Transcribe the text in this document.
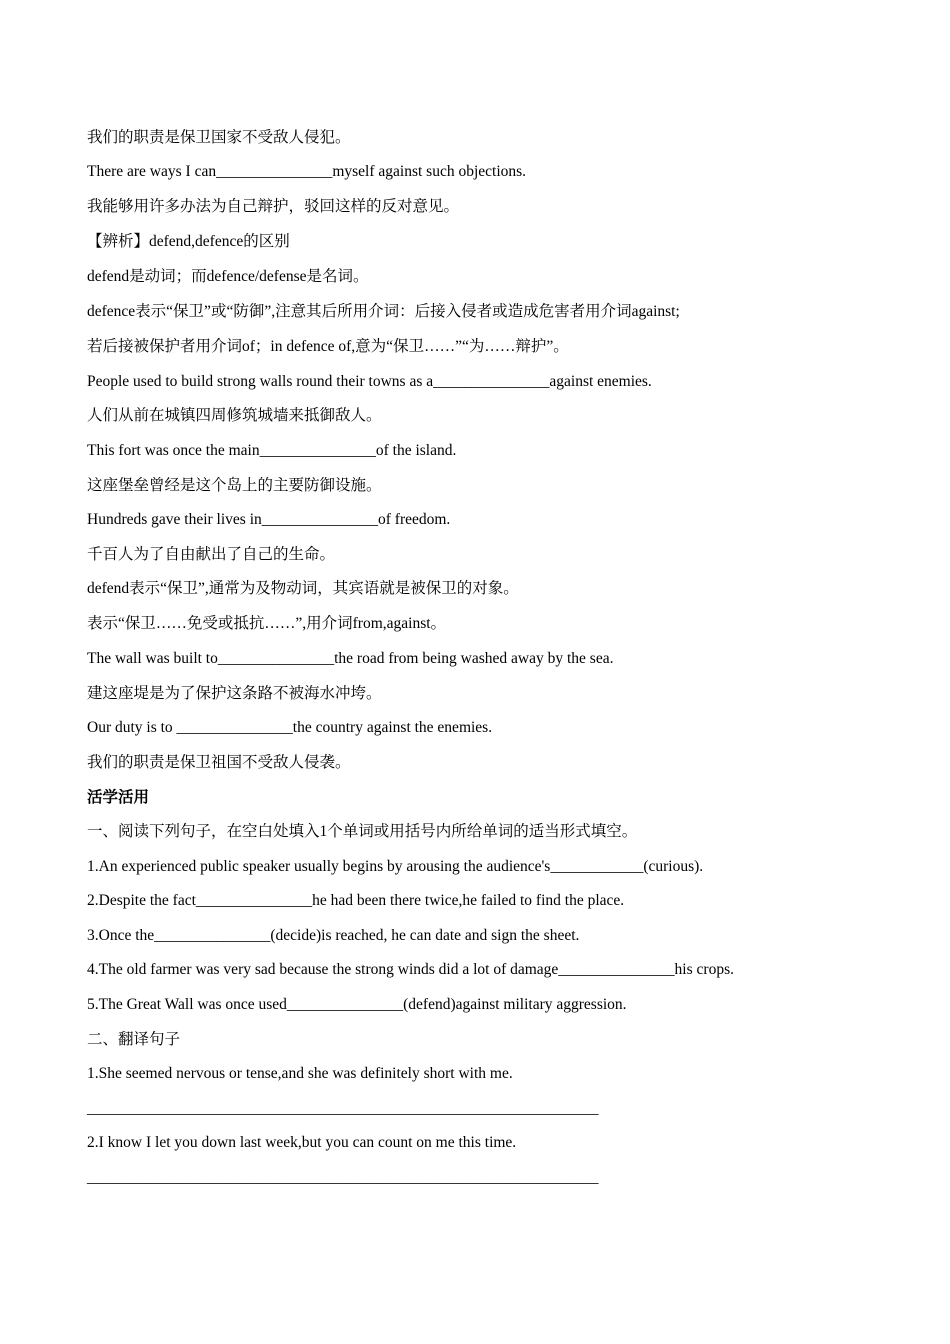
我们的职责是保卫国家不受敌人侵犯。
There are ways I can_______________myself against such objections.
我能够用许多办法为自己辩护，驳回这样的反对意见。
【辨析】defend,defence的区别
defend是动词；而defence/defense是名词。
defence表示“保卫”或“防御”,注意其后所用介词：后接入侵者或造成危害者用介词against;
若后接被保护者用介词of；in defence of,意为“保卫……”“为……辩护”。
People used to build strong walls round their towns as a_______________against enemies.
人们从前在城镇四周修筑城墙来抵御敌人。
This fort was once the main_______________of the island.
这座堡垒曾经是这个岛上的主要防御设施。
Hundreds gave their lives in_______________of freedom.
千百人为了自由献出了自己的生命。
defend表示“保卫”,通常为及物动词，其宾语就是被保卫的对象。
表示“保卫……免受或抵抗……”,用介词from,against。
The wall was built to_______________the road from being washed away by the sea.
建这座堤是为了保护这条路不被海水冲垮。
Our duty is to _______________the country against the enemies.
我们的职责是保卫祖国不受敌人侵袭。
活学活用
一、阅读下列句子，在空白处填入1个单词或用括号内所给单词的适当形式填空。
1.An experienced public speaker usually begins by arousing the audience's____________(curious).
2.Despite the fact_______________he had been there twice,he failed to find the place.
3.Once the_______________(decide)is reached, he can date and sign the sheet.
4.The old farmer was very sad because the strong winds did a lot of damage_______________his crops.
5.The Great Wall was once used_______________(defend)against military aggression.
二、翻译句子
1.She seemed nervous or tense,and she was definitely short with me.
__________________________________________________________________
2.I know I let you down last week,but you can count on me this time.
__________________________________________________________________
